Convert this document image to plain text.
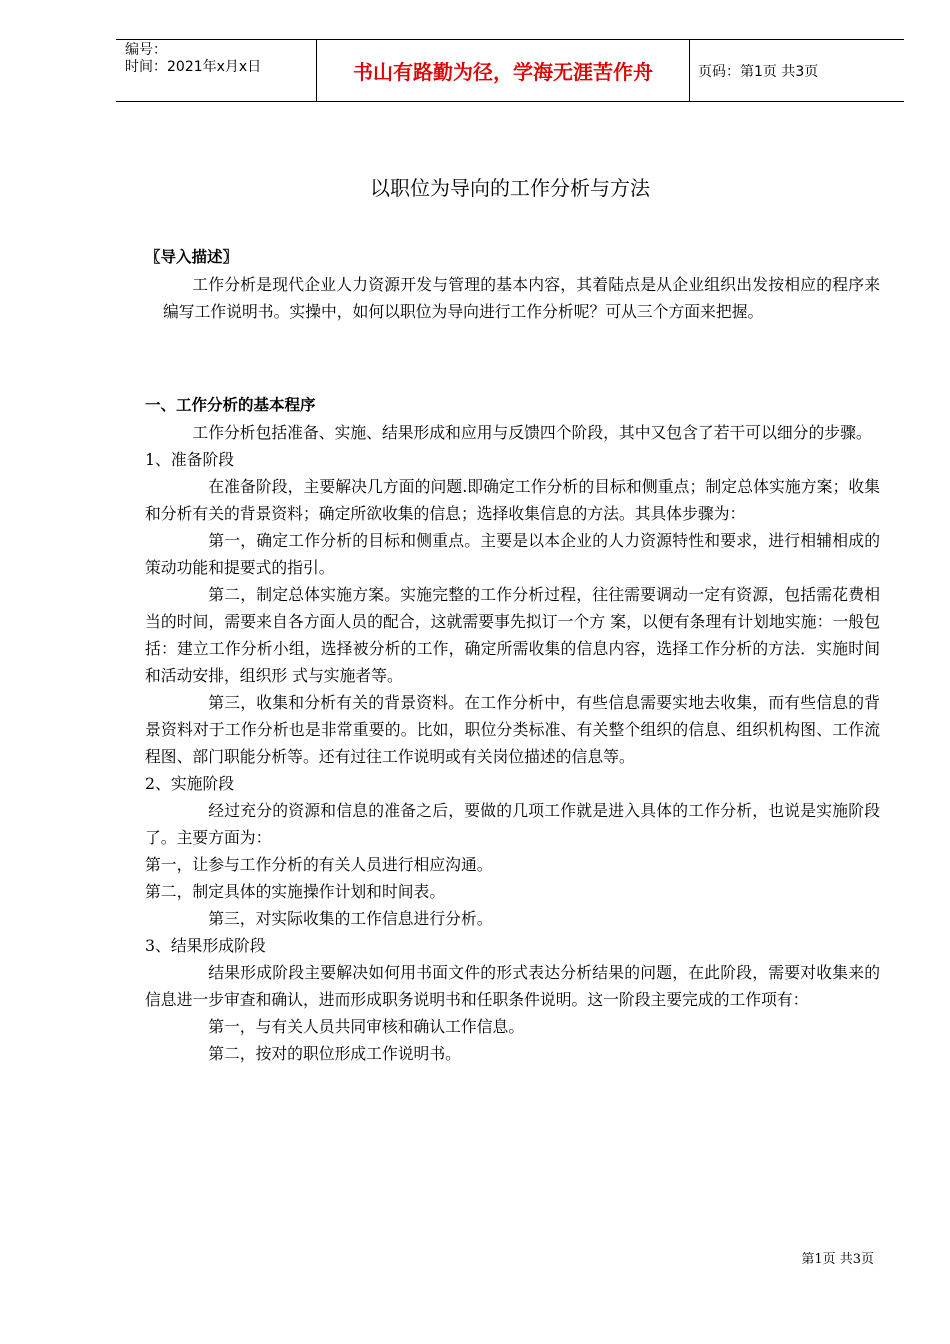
编号：
时间：2021年x月x日	书山有路勤为径，学海无涯苦作舟	页码：第1页 共3页
以职位为导向的工作分析与方法

〖导入描述〗

工作分析是现代企业人力资源开发与管理的基本内容，其着陆点是从企业组织出发按相应的程序来编写工作说明书。实操中，如何以职位为导向进行工作分析呢？可从三个方面来把握。

一、工作分析的基本程序

工作分析包括准备、实施、结果形成和应用与反馈四个阶段，其中又包含了若干可以细分的步骤。

1、准备阶段

在准备阶段，主要解决几方面的问题.即确定工作分析的目标和侧重点；制定总体实施方案；收集和分析有关的背景资料；确定所欲收集的信息；选择收集信息的方法。其具体步骤为：

第一，确定工作分析的目标和侧重点。主要是以本企业的人力资源特性和要求，进行相辅相成的策动功能和提要式的指引。

第二，制定总体实施方案。实施完整的工作分析过程，往往需要调动一定有资源，包括需花费相当的时间，需要来自各方面人员的配合，这就需要事先拟订一个方 案，以便有条理有计划地实施：一般包括：建立工作分析小组，选择被分析的工作，确定所需收集的信息内容，选择工作分析的方法．实施时间和活动安排，组织形 式与实施者等。

第三，收集和分析有关的背景资料。在工作分析中，有些信息需要实地去收集，而有些信息的背景资料对于工作分析也是非常重要的。比如，职位分类标准、有关整个组织的信息、组织机构图、工作流程图、部门职能分析等。还有过往工作说明或有关岗位描述的信息等。

2、实施阶段

经过充分的资源和信息的准备之后，要做的几项工作就是进入具体的工作分析，也说是实施阶段了。主要方面为：

第一，让参与工作分析的有关人员进行相应沟通。

第二，制定具体的实施操作计划和时间表。

第三，对实际收集的工作信息进行分析。

3、结果形成阶段

结果形成阶段主要解决如何用书面文件的形式表达分析结果的问题，在此阶段，需要对收集来的信息进一步审查和确认，进而形成职务说明书和任职条件说明。这一阶段主要完成的工作项有：

第一，与有关人员共同审核和确认工作信息。

第二，按对的职位形成工作说明书。

第1页 共3页
